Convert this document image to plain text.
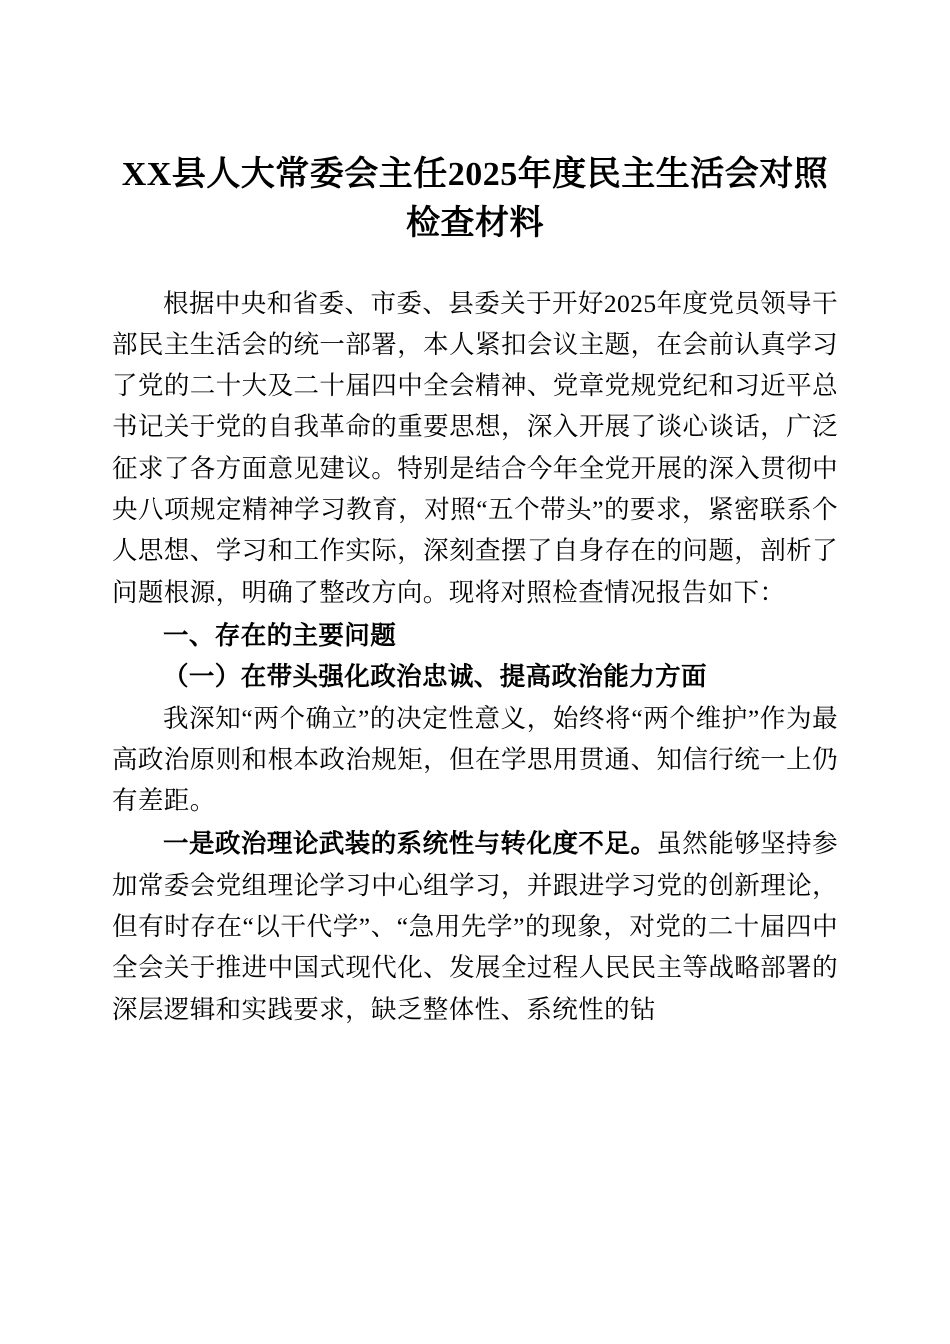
XX县人大常委会主任2025年度民主生活会对照检查材料

根据中央和省委、市委、县委关于开好2025年度党员领导干部民主生活会的统一部署，本人紧扣会议主题，在会前认真学习了党的二十大及二十届四中全会精神、党章党规党纪和习近平总书记关于党的自我革命的重要思想，深入开展了谈心谈话，广泛征求了各方面意见建议。特别是结合今年全党开展的深入贯彻中央八项规定精神学习教育，对照“五个带头”的要求，紧密联系个人思想、学习和工作实际，深刻查摆了自身存在的问题，剖析了问题根源，明确了整改方向。现将对照检查情况报告如下：

一、存在的主要问题

（一）在带头强化政治忠诚、提高政治能力方面

我深知“两个确立”的决定性意义，始终将“两个维护”作为最高政治原则和根本政治规矩，但在学思用贯通、知信行统一上仍有差距。

一是政治理论武装的系统性与转化度不足。虽然能够坚持参加常委会党组理论学习中心组学习，并跟进学习党的创新理论，但有时存在“以干代学”、“急用先学”的现象，对党的二十届四中全会关于推进中国式现代化、发展全过程人民民主等战略部署的深层逻辑和实践要求，缺乏整体性、系统性的钻
